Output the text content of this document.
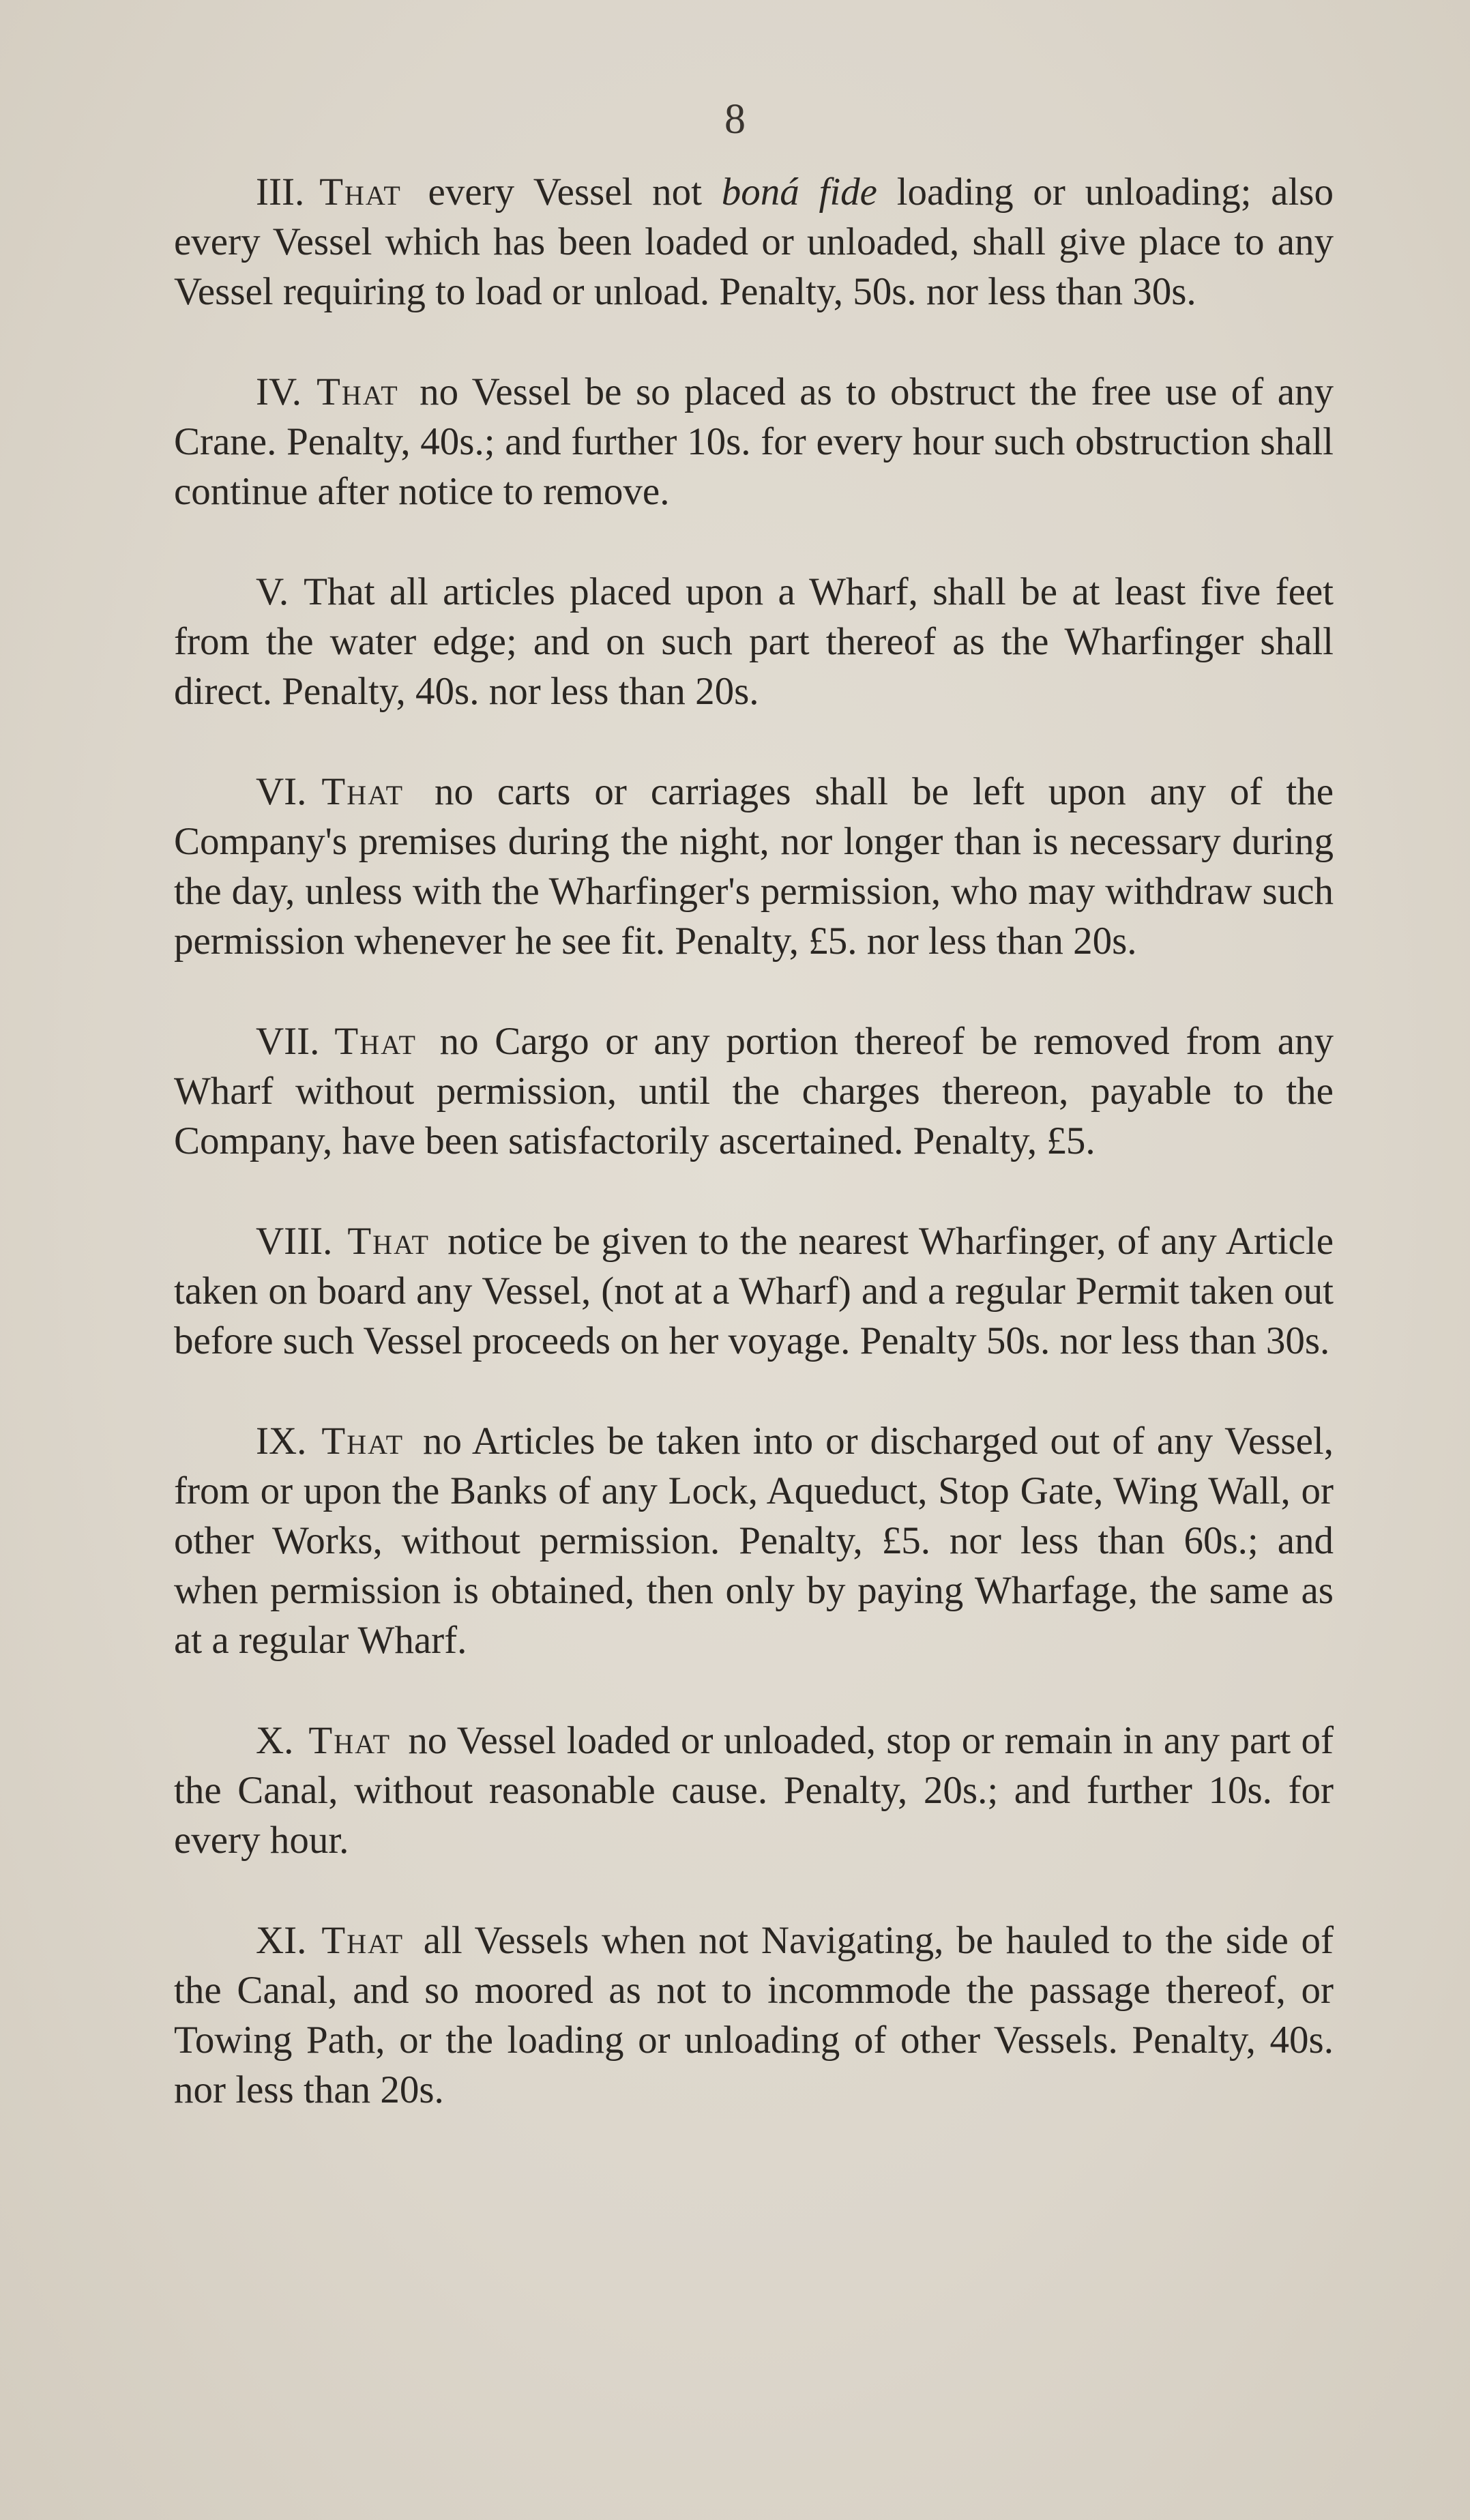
8

III. That every Vessel not boná fide loading or unloading; also every Vessel which has been loaded or unloaded, shall give place to any Vessel requiring to load or unload. Penalty, 50s. nor less than 30s.

IV. That no Vessel be so placed as to obstruct the free use of any Crane. Penalty, 40s.; and further 10s. for every hour such obstruction shall continue after notice to remove.

V. That all articles placed upon a Wharf, shall be at least five feet from the water edge; and on such part thereof as the Wharfinger shall direct. Penalty, 40s. nor less than 20s.

VI. That no carts or carriages shall be left upon any of the Company's premises during the night, nor longer than is necessary during the day, unless with the Wharfinger's permission, who may withdraw such permission whenever he see fit. Penalty, £5. nor less than 20s.

VII. That no Cargo or any portion thereof be removed from any Wharf without permission, until the charges thereon, payable to the Company, have been satisfactorily ascertained. Penalty, £5.

VIII. That notice be given to the nearest Wharfinger, of any Article taken on board any Vessel, (not at a Wharf) and a regular Permit taken out before such Vessel proceeds on her voyage. Penalty 50s. nor less than 30s.

IX. That no Articles be taken into or discharged out of any Vessel, from or upon the Banks of any Lock, Aqueduct, Stop Gate, Wing Wall, or other Works, without permission. Penalty, £5. nor less than 60s.; and when permission is obtained, then only by paying Wharfage, the same as at a regular Wharf.

X. That no Vessel loaded or unloaded, stop or remain in any part of the Canal, without reasonable cause. Penalty, 20s.; and further 10s. for every hour.

XI. That all Vessels when not Navigating, be hauled to the side of the Canal, and so moored as not to incommode the passage thereof, or Towing Path, or the loading or unloading of other Vessels. Penalty, 40s. nor less than 20s.
